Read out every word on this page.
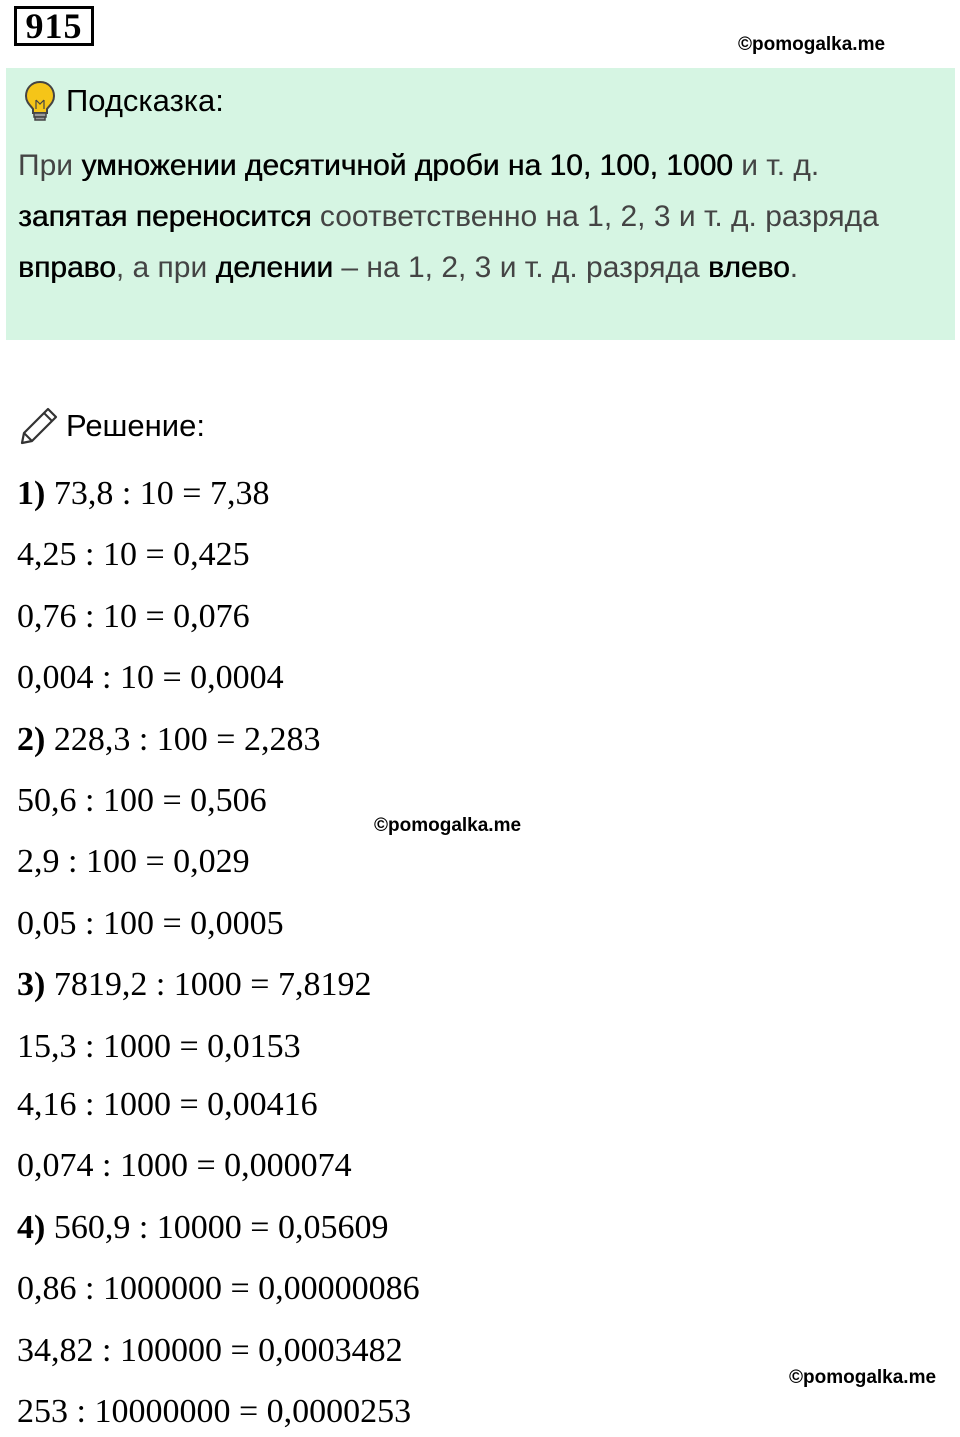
915	©pomogalka.me
Подсказка:
При умножении десятичной дроби на 10, 100, 1000 и т. д.
запятая переносится соответственно на 1, 2, 3 и т. д. разряда
вправо, а при делении – на 1, 2, 3 и т. д. разряда влево.
Решение:
1) 73,8 : 10 = 7,38
4,25 : 10 = 0,425
0,76 : 10 = 0,076
0,004 : 10 = 0,0004
2) 228,3 : 100 = 2,283
50,6 : 100 = 0,506
2,9 : 100 = 0,029
0,05 : 100 = 0,0005
3) 7819,2 : 1000 = 7,8192
15,3 : 1000 = 0,0153
4,16 : 1000 = 0,00416
0,074 : 1000 = 0,000074
4) 560,9 : 10000 = 0,05609
0,86 : 1000000 = 0,00000086
34,82 : 100000 = 0,0003482
253 : 10000000 = 0,0000253
©pomogalka.me
©pomogalka.me
